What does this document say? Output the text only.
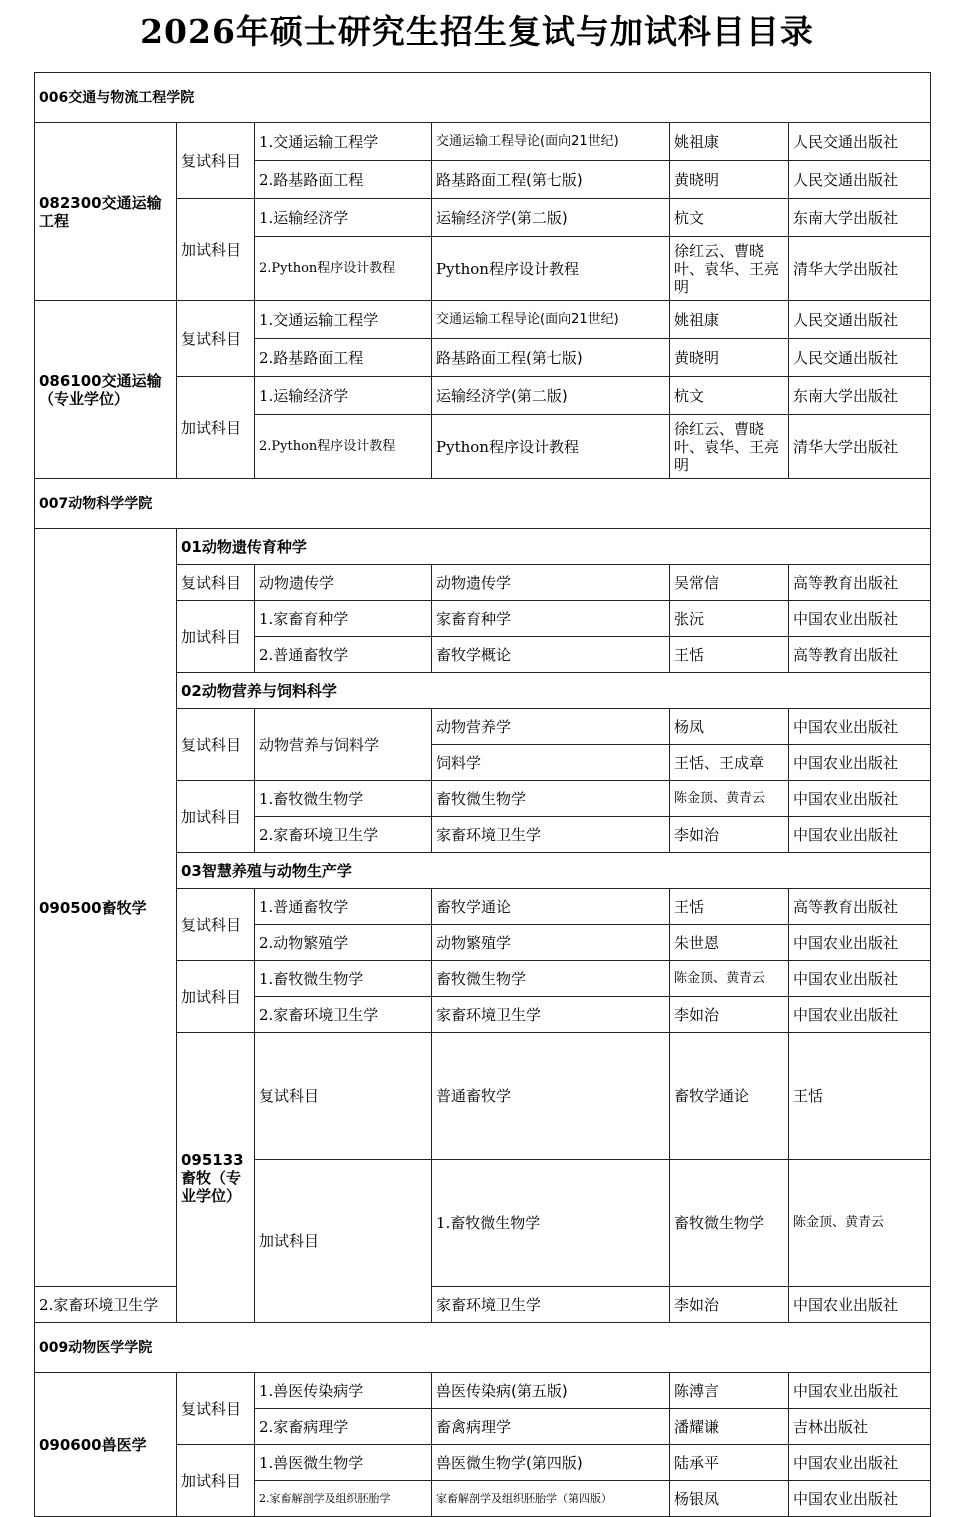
2026年硕士研究生招生复试与加试科目目录
006交通与物流工程学院						
082300交通运输工程	复试科目	1.交通运输工程学	交通运输工程导论(面向21世纪)	姚祖康	人民交通出版社	
		2.路基路面工程	路基路面工程(第七版)	黄晓明	人民交通出版社	
	加试科目	1.运输经济学	运输经济学(第二版)	杭文	东南大学出版社	
		2.Python程序设计教程	Python程序设计教程	徐红云、曹晓叶、袁华、王亮明	清华大学出版社	
086100交通运输（专业学位）	复试科目	1.交通运输工程学	交通运输工程导论(面向21世纪)	姚祖康	人民交通出版社	
		2.路基路面工程	路基路面工程(第七版)	黄晓明	人民交通出版社	
	加试科目	1.运输经济学	运输经济学(第二版)	杭文	东南大学出版社	
		2.Python程序设计教程	Python程序设计教程	徐红云、曹晓叶、袁华、王亮明	清华大学出版社	
007动物科学学院						
090500畜牧学	01动物遗传育种学					
	复试科目	动物遗传学	动物遗传学	吴常信	高等教育出版社	
	加试科目	1.家畜育种学	家畜育种学	张沅	中国农业出版社	
		2.普通畜牧学	畜牧学概论	王恬	高等教育出版社	
	02动物营养与饲料科学					
	复试科目	动物营养与饲料学	动物营养学	杨凤	中国农业出版社	
			饲料学	王恬、王成章	中国农业出版社	
	加试科目	1.畜牧微生物学	畜牧微生物学	陈金顶、黄青云	中国农业出版社	
		2.家畜环境卫生学	家畜环境卫生学	李如治	中国农业出版社	
	03智慧养殖与动物生产学					
	复试科目	1.普通畜牧学	畜牧学通论	王恬	高等教育出版社	
		2.动物繁殖学	动物繁殖学	朱世恩	中国农业出版社	
	加试科目	1.畜牧微生物学	畜牧微生物学	陈金顶、黄青云	中国农业出版社	
		2.家畜环境卫生学	家畜环境卫生学	李如治	中国农业出版社	
	095133畜牧（专业学位）	复试科目	普通畜牧学	畜牧学通论	王恬	
		加试科目	1.畜牧微生物学	畜牧微生物学	陈金顶、黄青云	
2.家畜环境卫生学			家畜环境卫生学	李如治	中国农业出版社	
009动物医学学院						
090600兽医学	复试科目	1.兽医传染病学	兽医传染病(第五版)	陈溥言	中国农业出版社	
		2.家畜病理学	畜禽病理学	潘耀谦	吉林出版社	
	加试科目	1.兽医微生物学	兽医微生物学(第四版)	陆承平	中国农业出版社	
		2.家畜解剖学及组织胚胎学	家畜解剖学及组织胚胎学（第四版）	杨银凤	中国农业出版社	
